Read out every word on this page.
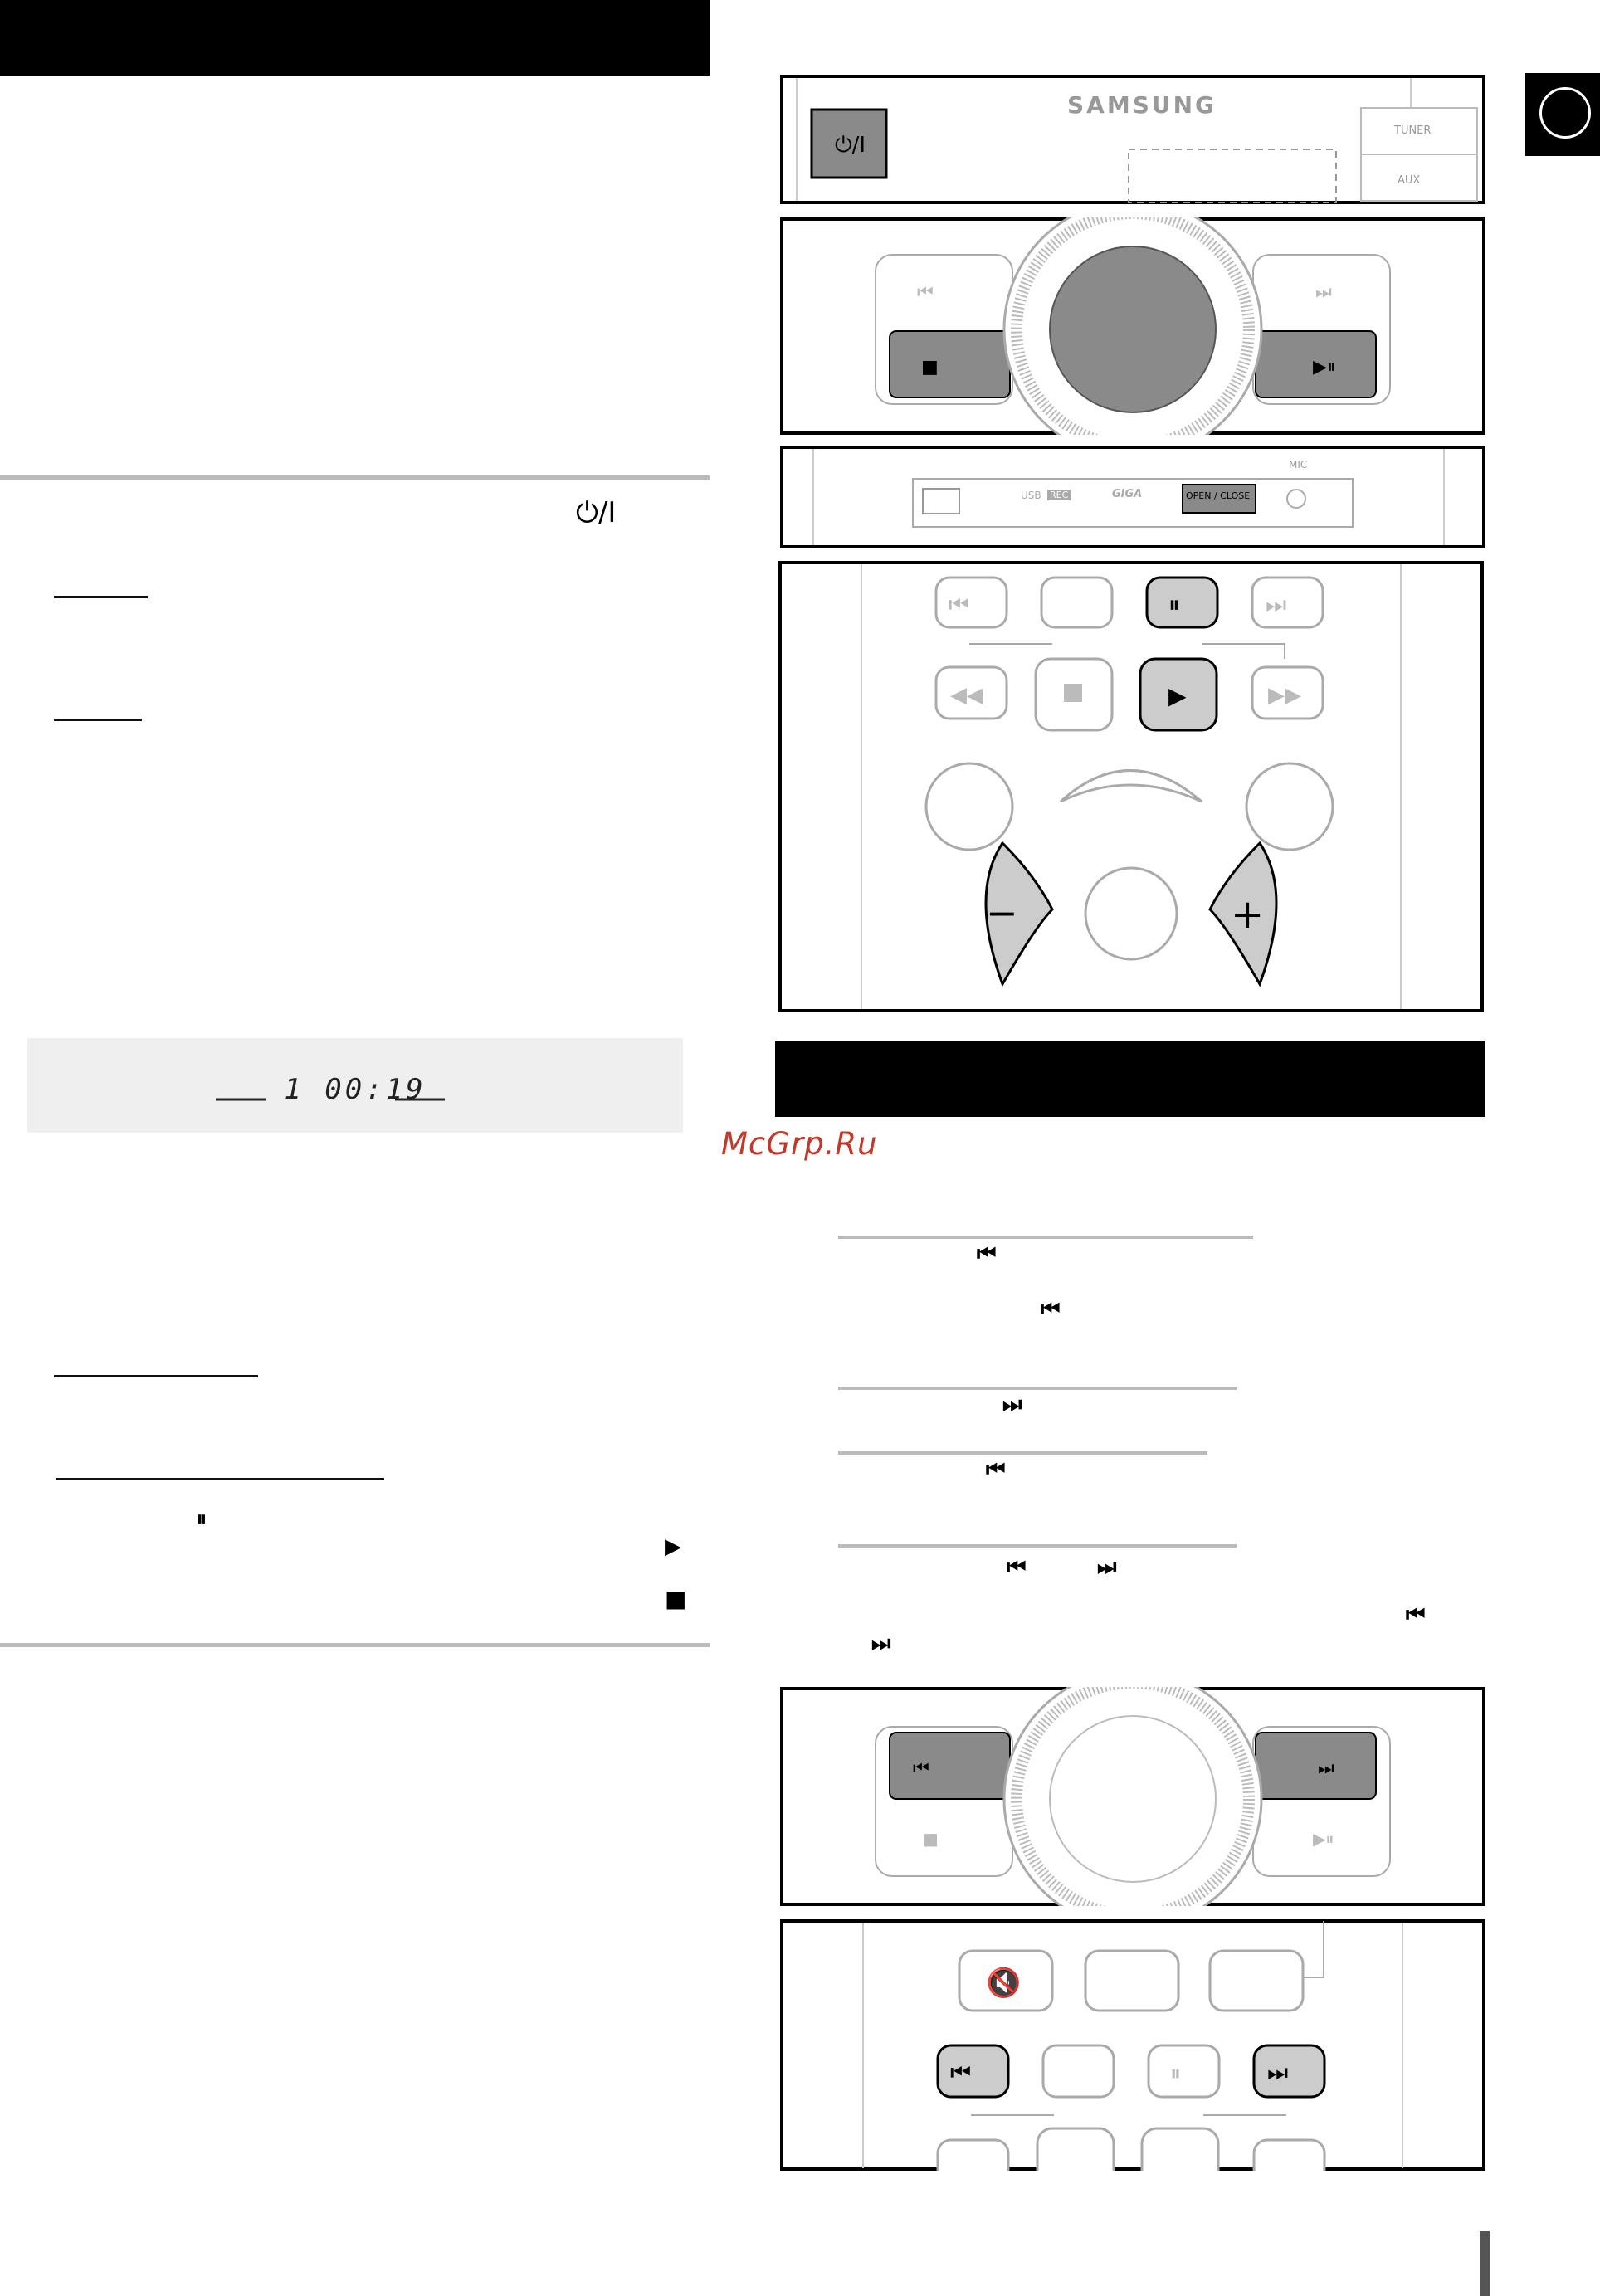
⏻/I
1 00:19
⏸
▶
■
SAMSUNG
⏻/I
TUNER
AUX
⏮	⏭
■	▶⏸
USB REC	GIGA	OPEN / CLOSE
MIC
⏮	⏸	⏭
◀◀	▶	▶▶
−	+
McGrp.Ru
⏮
⏮
⏭
⏮
⏮	⏭
⏮
⏭
⏮	⏭
■	▶⏸
🔇
⏮	⏸	⏭
